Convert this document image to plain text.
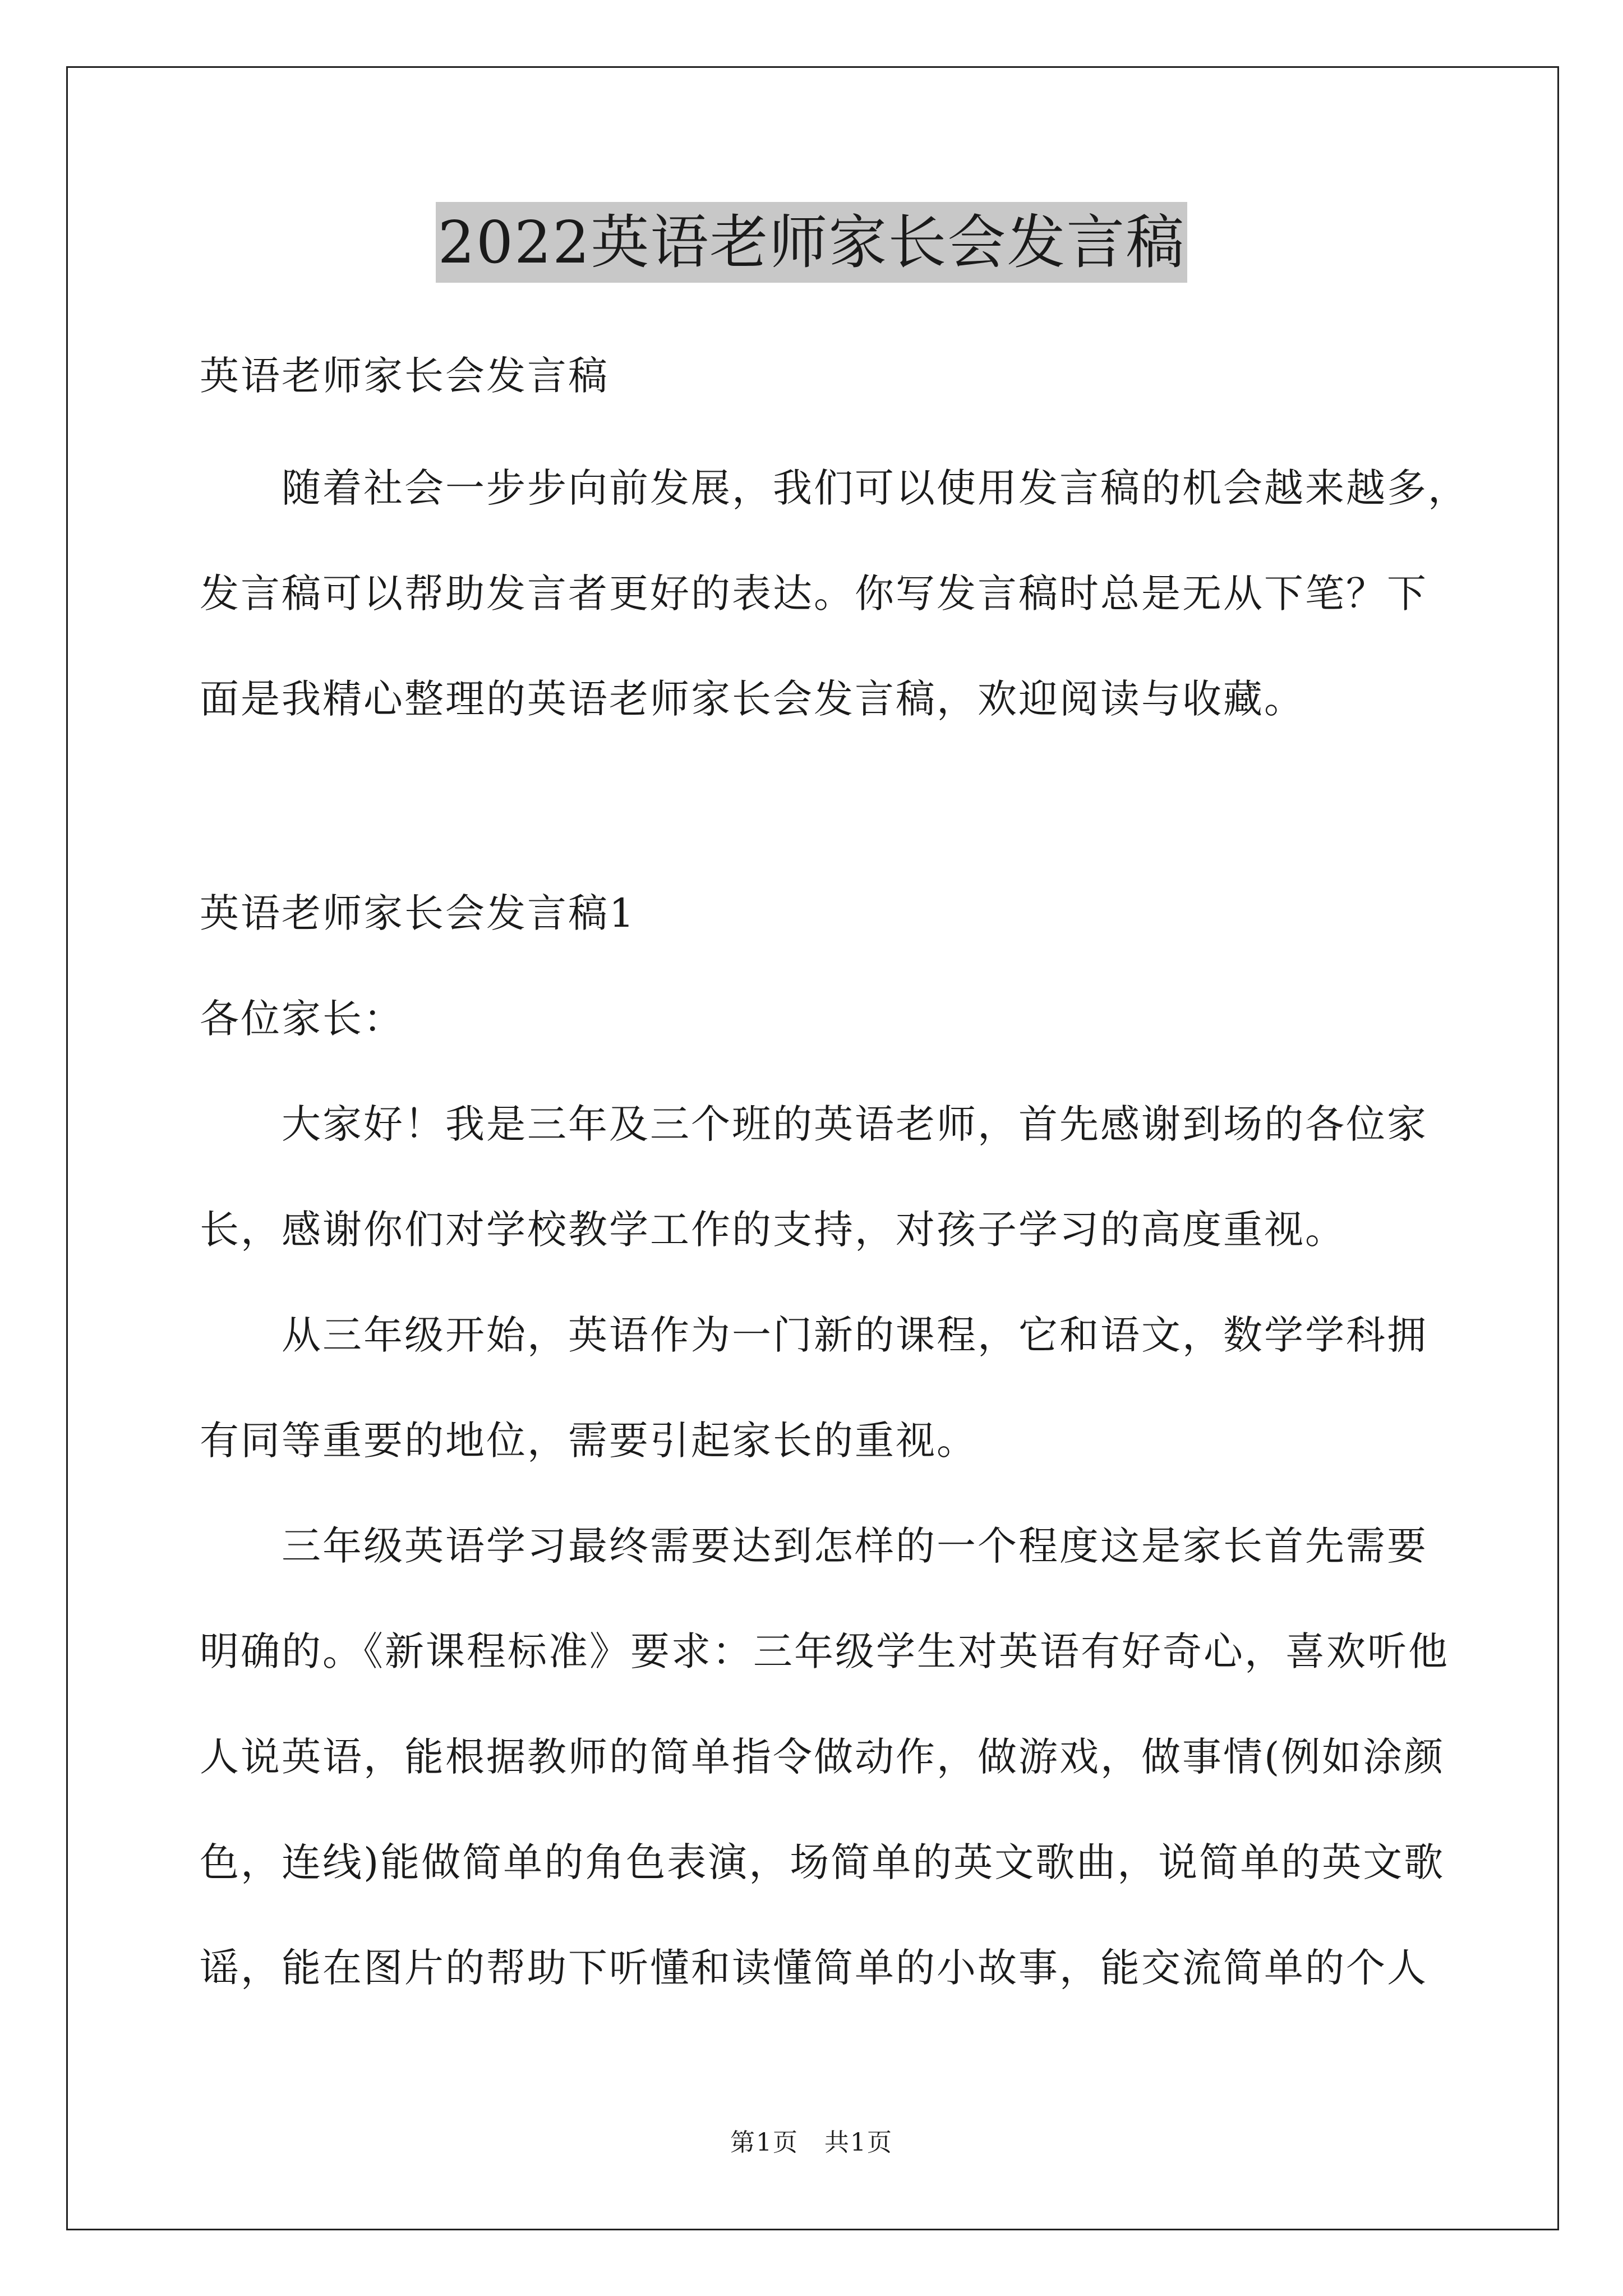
2022英语老师家长会发言稿
英语老师家长会发言稿
随着社会一步步向前发展，我们可以使用发言稿的机会越来越多，
发言稿可以帮助发言者更好的表达。你写发言稿时总是无从下笔？下
面是我精心整理的英语老师家长会发言稿，欢迎阅读与收藏。
英语老师家长会发言稿1
各位家长：
大家好！我是三年及三个班的英语老师，首先感谢到场的各位家
长，感谢你们对学校教学工作的支持，对孩子学习的高度重视。
从三年级开始，英语作为一门新的课程，它和语文，数学学科拥
有同等重要的地位，需要引起家长的重视。
三年级英语学习最终需要达到怎样的一个程度这是家长首先需要
明确的。《新课程标准》要求：三年级学生对英语有好奇心，喜欢听他
人说英语，能根据教师的简单指令做动作，做游戏，做事情(例如涂颜
色，连线)能做简单的角色表演，场简单的英文歌曲，说简单的英文歌
谣，能在图片的帮助下听懂和读懂简单的小故事，能交流简单的个人
第1页　共1页
